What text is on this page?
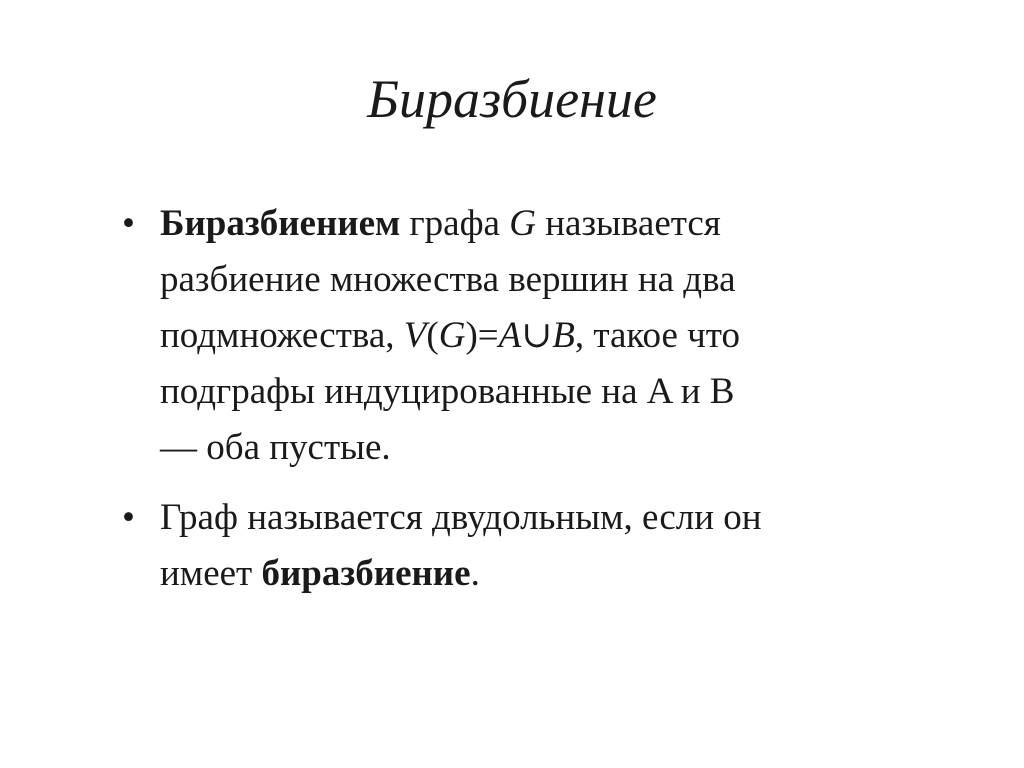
Биразбиение
• Биразбиением графа G называется
разбиение множества вершин на два
подмножества, V(G)=A∪B, такое что
подграфы индуцированные на A и B
— оба пустые.
• Граф называется двудольным, если он
имеет биразбиение.
